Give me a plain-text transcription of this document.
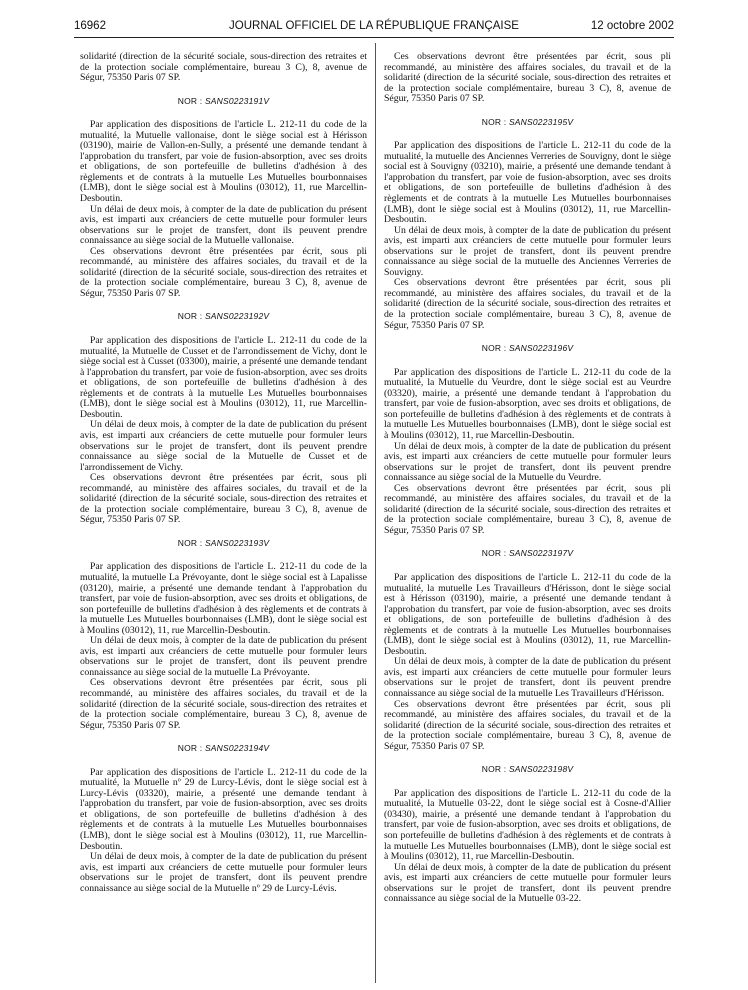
16962	JOURNAL OFFICIEL DE LA RÉPUBLIQUE FRANÇAISE	12 octobre 2002

solidarité (direction de la sécurité sociale, sous-direction des retraites et de la protection sociale complémentaire, bureau 3 C), 8, avenue de Ségur, 75350 Paris 07 SP.

NOR : SANS0223191V

Par application des dispositions de l'article L. 212-11 du code de la mutualité, la Mutuelle vallonaise, dont le siège social est à Hérisson (03190), mairie de Vallon-en-Sully, a présenté une demande tendant à l'approbation du transfert, par voie de fusion-absorption, avec ses droits et obligations, de son portefeuille de bulletins d'adhésion à des règlements et de contrats à la mutuelle Les Mutuelles bourbonnaises (LMB), dont le siège social est à Moulins (03012), 11, rue Marcellin-Desboutin.

Un délai de deux mois, à compter de la date de publication du présent avis, est imparti aux créanciers de cette mutuelle pour formuler leurs observations sur le projet de transfert, dont ils peuvent prendre connaissance au siège social de la Mutuelle vallonaise.

Ces observations devront être présentées par écrit, sous pli recommandé, au ministère des affaires sociales, du travail et de la solidarité (direction de la sécurité sociale, sous-direction des retraites et de la protection sociale complémentaire, bureau 3 C), 8, avenue de Ségur, 75350 Paris 07 SP.

NOR : SANS0223192V

Par application des dispositions de l'article L. 212-11 du code de la mutualité, la Mutuelle de Cusset et de l'arrondissement de Vichy, dont le siège social est à Cusset (03300), mairie, a présenté une demande tendant à l'approbation du transfert, par voie de fusion-absorption, avec ses droits et obligations, de son portefeuille de bulletins d'adhésion à des règlements et de contrats à la mutuelle Les Mutuelles bourbonnaises (LMB), dont le siège social est à Moulins (03012), 11, rue Marcellin-Desboutin.

Un délai de deux mois, à compter de la date de publication du présent avis, est imparti aux créanciers de cette mutuelle pour formuler leurs observations sur le projet de transfert, dont ils peuvent prendre connaissance au siège social de la Mutuelle de Cusset et de l'arrondissement de Vichy.

Ces observations devront être présentées par écrit, sous pli recommandé, au ministère des affaires sociales, du travail et de la solidarité (direction de la sécurité sociale, sous-direction des retraites et de la protection sociale complémentaire, bureau 3 C), 8, avenue de Ségur, 75350 Paris 07 SP.

NOR : SANS0223193V

Par application des dispositions de l'article L. 212-11 du code de la mutualité, la mutuelle La Prévoyante, dont le siège social est à Lapalisse (03120), mairie, a présenté une demande tendant à l'approbation du transfert, par voie de fusion-absorption, avec ses droits et obligations, de son portefeuille de bulletins d'adhésion à des règlements et de contrats à la mutuelle Les Mutuelles bourbonnaises (LMB), dont le siège social est à Moulins (03012), 11, rue Marcellin-Desboutin.

Un délai de deux mois, à compter de la date de publication du présent avis, est imparti aux créanciers de cette mutuelle pour formuler leurs observations sur le projet de transfert, dont ils peuvent prendre connaissance au siège social de la mutuelle La Prévoyante.

Ces observations devront être présentées par écrit, sous pli recommandé, au ministère des affaires sociales, du travail et de la solidarité (direction de la sécurité sociale, sous-direction des retraites et de la protection sociale complémentaire, bureau 3 C), 8, avenue de Ségur, 75350 Paris 07 SP.

NOR : SANS0223194V

Par application des dispositions de l'article L. 212-11 du code de la mutualité, la Mutuelle nº 29 de Lurcy-Lévis, dont le siège social est à Lurcy-Lévis (03320), mairie, a présenté une demande tendant à l'approbation du transfert, par voie de fusion-absorption, avec ses droits et obligations, de son portefeuille de bulletins d'adhésion à des règlements et de contrats à la mutuelle Les Mutuelles bourbonnaises (LMB), dont le siège social est à Moulins (03012), 11, rue Marcellin-Desboutin.

Un délai de deux mois, à compter de la date de publication du présent avis, est imparti aux créanciers de cette mutuelle pour formuler leurs observations sur le projet de transfert, dont ils peuvent prendre connaissance au siège social de la Mutuelle nº 29 de Lurcy-Lévis.

Ces observations devront être présentées par écrit, sous pli recommandé, au ministère des affaires sociales, du travail et de la solidarité (direction de la sécurité sociale, sous-direction des retraites et de la protection sociale complémentaire, bureau 3 C), 8, avenue de Ségur, 75350 Paris 07 SP.

NOR : SANS0223195V

Par application des dispositions de l'article L. 212-11 du code de la mutualité, la mutuelle des Anciennes Verreries de Souvigny, dont le siège social est à Souvigny (03210), mairie, a présenté une demande tendant à l'approbation du transfert, par voie de fusion-absorption, avec ses droits et obligations, de son portefeuille de bulletins d'adhésion à des règlements et de contrats à la mutuelle Les Mutuelles bourbonnaises (LMB), dont le siège social est à Moulins (03012), 11, rue Marcellin-Desboutin.

Un délai de deux mois, à compter de la date de publication du présent avis, est imparti aux créanciers de cette mutuelle pour formuler leurs observations sur le projet de transfert, dont ils peuvent prendre connaissance au siège social de la mutuelle des Anciennes Verreries de Souvigny.

Ces observations devront être présentées par écrit, sous pli recommandé, au ministère des affaires sociales, du travail et de la solidarité (direction de la sécurité sociale, sous-direction des retraites et de la protection sociale complémentaire, bureau 3 C), 8, avenue de Ségur, 75350 Paris 07 SP.

NOR : SANS0223196V

Par application des dispositions de l'article L. 212-11 du code de la mutualité, la Mutuelle du Veurdre, dont le siège social est au Veurdre (03320), mairie, a présenté une demande tendant à l'approbation du transfert, par voie de fusion-absorption, avec ses droits et obligations, de son portefeuille de bulletins d'adhésion à des règlements et de contrats à la mutuelle Les Mutuelles bourbonnaises (LMB), dont le siège social est à Moulins (03012), 11, rue Marcellin-Desboutin.

Un délai de deux mois, à compter de la date de publication du présent avis, est imparti aux créanciers de cette mutuelle pour formuler leurs observations sur le projet de transfert, dont ils peuvent prendre connaissance au siège social de la Mutuelle du Veurdre.

Ces observations devront être présentées par écrit, sous pli recommandé, au ministère des affaires sociales, du travail et de la solidarité (direction de la sécurité sociale, sous-direction des retraites et de la protection sociale complémentaire, bureau 3 C), 8, avenue de Ségur, 75350 Paris 07 SP.

NOR : SANS0223197V

Par application des dispositions de l'article L. 212-11 du code de la mutualité, la mutuelle Les Travailleurs d'Hérisson, dont le siège social est à Hérisson (03190), mairie, a présenté une demande tendant à l'approbation du transfert, par voie de fusion-absorption, avec ses droits et obligations, de son portefeuille de bulletins d'adhésion à des règlements et de contrats à la mutuelle Les Mutuelles bourbonnaises (LMB), dont le siège social est à Moulins (03012), 11, rue Marcellin-Desboutin.

Un délai de deux mois, à compter de la date de publication du présent avis, est imparti aux créanciers de cette mutuelle pour formuler leurs observations sur le projet de transfert, dont ils peuvent prendre connaissance au siège social de la mutuelle Les Travailleurs d'Hérisson.

Ces observations devront être présentées par écrit, sous pli recommandé, au ministère des affaires sociales, du travail et de la solidarité (direction de la sécurité sociale, sous-direction des retraites et de la protection sociale complémentaire, bureau 3 C), 8, avenue de Ségur, 75350 Paris 07 SP.

NOR : SANS0223198V

Par application des dispositions de l'article L. 212-11 du code de la mutualité, la Mutuelle 03-22, dont le siège social est à Cosne-d'Allier (03430), mairie, a présenté une demande tendant à l'approbation du transfert, par voie de fusion-absorption, avec ses droits et obligations, de son portefeuille de bulletins d'adhésion à des règlements et de contrats à la mutuelle Les Mutuelles bourbonnaises (LMB), dont le siège social est à Moulins (03012), 11, rue Marcellin-Desboutin.

Un délai de deux mois, à compter de la date de publication du présent avis, est imparti aux créanciers de cette mutuelle pour formuler leurs observations sur le projet de transfert, dont ils peuvent prendre connaissance au siège social de la Mutuelle 03-22.
